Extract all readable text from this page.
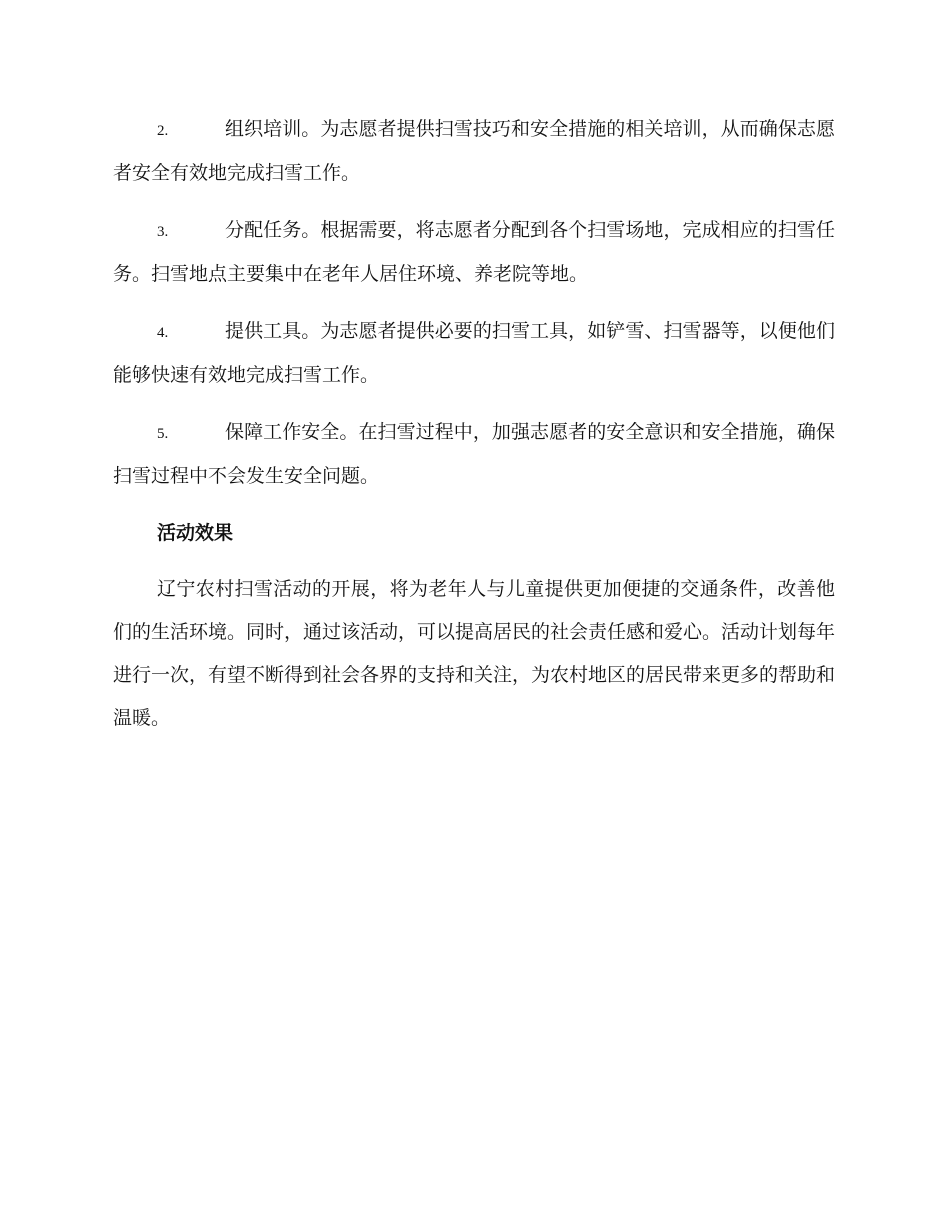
2.	组织培训。为志愿者提供扫雪技巧和安全措施的相关培训，从而确保志愿者安全有效地完成扫雪工作。

3.	分配任务。根据需要，将志愿者分配到各个扫雪场地，完成相应的扫雪任务。扫雪地点主要集中在老年人居住环境、养老院等地。

4.	提供工具。为志愿者提供必要的扫雪工具，如铲雪、扫雪器等，以便他们能够快速有效地完成扫雪工作。

5.	保障工作安全。在扫雪过程中，加强志愿者的安全意识和安全措施，确保扫雪过程中不会发生安全问题。

活动效果

辽宁农村扫雪活动的开展，将为老年人与儿童提供更加便捷的交通条件，改善他们的生活环境。同时，通过该活动，可以提高居民的社会责任感和爱心。活动计划每年进行一次，有望不断得到社会各界的支持和关注，为农村地区的居民带来更多的帮助和温暖。
